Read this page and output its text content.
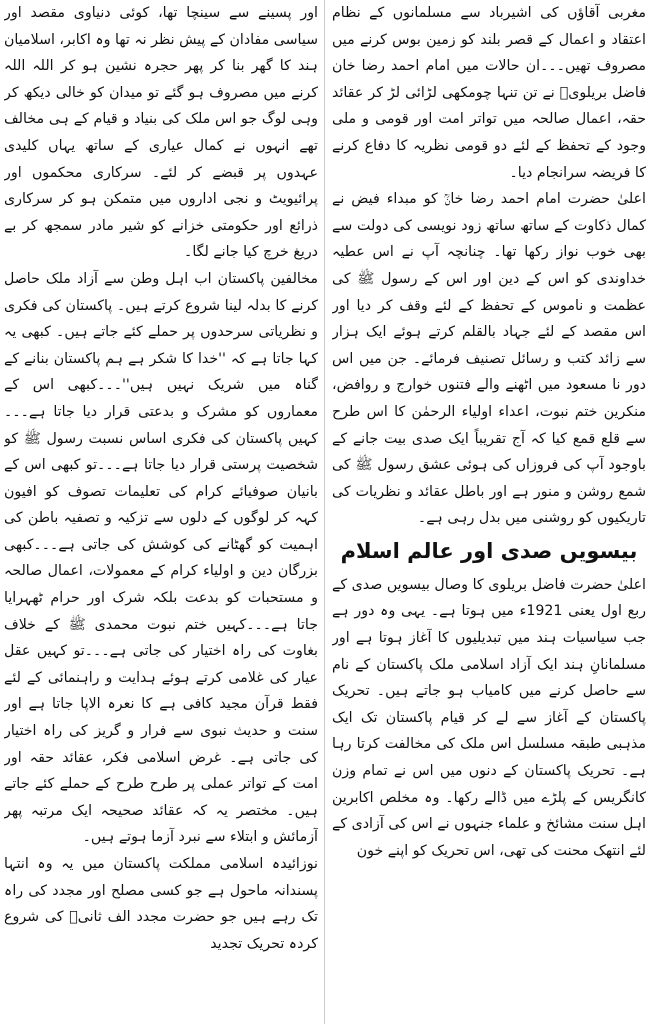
مغربی آقاؤں کی اشیرباد سے مسلمانوں کے نظام اعتقاد و اعمال کے قصر بلند کو زمین بوس کرنے میں مصروف تھیں۔۔۔ان حالات میں امام احمد رضا خان فاضل بریلویؒ نے تن تنہا چومکھی لڑائی لڑ کر عقائد حقہ، اعمال صالحہ میں تواتر امت اور قومی و ملی وجود کے تحفظ کے لئے دو قومی نظریہ کا دفاع کرنے کا فریضہ سرانجام دیا۔

اعلیٰ حضرت امام احمد رضا خانؒ کو مبداء فیض نے کمال ذکاوت کے ساتھ ساتھ زود نویسی کی دولت سے بھی خوب نواز رکھا تھا۔ چنانچہ آپ نے اس عطیہ خداوندی کو اس کے دین اور اس کے رسول ﷺ کی عظمت و ناموس کے تحفظ کے لئے وقف کر دیا اور اس مقصد کے لئے جہاد بالقلم کرتے ہوئے ایک ہزار سے زائد کتب و رسائل تصنیف فرمائے۔ جن میں اس دور نا مسعود میں اٹھنے والے فتنوں خوارج و روافض، منکرین ختم نبوت، اعداء اولیاء الرحمٰن کا اس طرح سے قلع قمع کیا کہ آج تقریباً ایک صدی بیت جانے کے باوجود آپ کی فروزاں کی ہوئی عشق رسول ﷺ کی شمع روشن و منور ہے اور باطل عقائد و نظریات کی تاریکیوں کو روشنی میں بدل رہی ہے۔

بیسویں صدی اور عالم اسلام

اعلیٰ حضرت فاضل بریلوی کا وصال بیسویں صدی کے ربع اول یعنی 1921ء میں ہوتا ہے۔ یہی وہ دور ہے جب سیاسیات ہند میں تبدیلیوں کا آغاز ہوتا ہے اور مسلمانانِ ہند ایک آزاد اسلامی ملک پاکستان کے نام سے حاصل کرنے میں کامیاب ہو جاتے ہیں۔ تحریک پاکستان کے آغاز سے لے کر قیام پاکستان تک ایک مذہبی طبقہ مسلسل اس ملک کی مخالفت کرتا رہا ہے۔ تحریک پاکستان کے دنوں میں اس نے تمام وزن کانگریس کے پلڑے میں ڈالے رکھا۔ وہ مخلص اکابرین اہل سنت مشائخ و علماء جنہوں نے اس کی آزادی کے لئے انتھک محنت کی تھی، اس تحریک کو اپنے خون

اور پسینے سے سینچا تھا، کوئی دنیاوی مقصد اور سیاسی مفادان کے پیش نظر نہ تھا وہ اکابر، اسلامیان ہند کا گھر بنا کر پھر حجرہ نشین ہو کر اللہ اللہ کرنے میں مصروف ہو گئے تو میدان کو خالی دیکھ کر وہی لوگ جو اس ملک کی بنیاد و قیام کے ہی مخالف تھے انہوں نے کمال عیاری کے ساتھ یہاں کلیدی عہدوں پر قبضے کر لئے۔ سرکاری محکموں اور پرائیویٹ و نجی اداروں میں متمکن ہو کر سرکاری ذرائع اور حکومتی خزانے کو شیر مادر سمجھ کر بے دریغ خرچ کیا جانے لگا۔

مخالفین پاکستان اب اہل وطن سے آزاد ملک حاصل کرنے کا بدلہ لینا شروع کرتے ہیں۔ پاکستان کی فکری و نظریاتی سرحدوں پر حملے کئے جاتے ہیں۔ کبھی یہ کہا جاتا ہے کہ ''خدا کا شکر ہے ہم پاکستان بنانے کے گناہ میں شریک نہیں ہیں''۔۔۔کبھی اس کے معماروں کو مشرک و بدعتی قرار دیا جاتا ہے۔۔۔کہیں پاکستان کی فکری اساس نسبت رسول ﷺ کو شخصیت پرستی قرار دیا جاتا ہے۔۔۔تو کبھی اس کے بانیان صوفیائے کرام کی تعلیمات تصوف کو افیون کہہ کر لوگوں کے دلوں سے تزکیہ و تصفیہ باطن کی اہمیت کو گھٹانے کی کوشش کی جاتی ہے۔۔۔کبھی بزرگان دین و اولیاء کرام کے معمولات، اعمال صالحہ و مستحبات کو بدعت بلکہ شرک اور حرام ٹھہرایا جاتا ہے۔۔۔کہیں ختم نبوت محمدی ﷺ کے خلاف بغاوت کی راہ اختیار کی جاتی ہے۔۔۔تو کہیں عقل عیار کی غلامی کرتے ہوئے ہدایت و راہنمائی کے لئے فقط قرآن مجید کافی ہے کا نعرہ الاپا جاتا ہے اور سنت و حدیث نبوی سے فرار و گریز کی راہ اختیار کی جاتی ہے۔ غرض اسلامی فکر، عقائد حقہ اور امت کے تواتر عملی پر طرح طرح کے حملے کئے جاتے ہیں۔ مختصر یہ کہ عقائد صحیحہ ایک مرتبہ پھر آزمائش و ابتلاء سے نبرد آزما ہوتے ہیں۔

نوزائیدہ اسلامی مملکت پاکستان میں یہ وہ انتہا پسندانہ ماحول ہے جو کسی مصلح اور مجدد کی راہ تک رہے ہیں جو حضرت مجدد الف ثانیؒ کی شروع کردہ تحریک تجدید
